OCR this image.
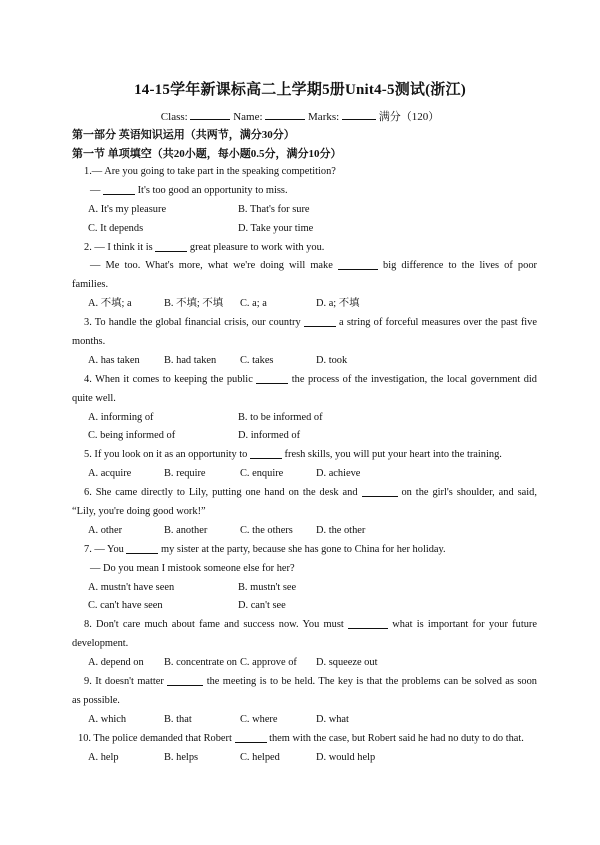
14-15学年新课标高二上学期5册Unit4-5测试(浙江)
Class:	Name:	Marks:	满分（120）
第一部分 英语知识运用（共两节，满分30分）
第一节 单项填空（共20小题，每小题0.5分，满分10分）
1.— Are you going to take part in the speaking competition?
—	It's too good an opportunity to miss.
A. It's my pleasure	B. That's for sure
C. It depends	D. Take your time
2. — I think it is	great pleasure to work with you.
— Me too. What's more, what we're doing will make	big difference to the lives of poor
families.
A. 不填; a	B. 不填; 不填 C. a; a	D. a; 不填
3. To handle the global financial crisis, our country	a string of forceful measures over the past five
months.
A. has taken B. had taken C. takes	D. took
4. When it comes to keeping the public	the process of the investigation, the local government did
quite well.
A. informing of	B. to be informed of
C. being informed of	D. informed of
5. If you look on it as an opportunity to	fresh skills, you will put your heart into the training.
A. acquire	B. require	C. enquire	D. achieve
6. She came directly to Lily, putting one hand on the desk and	on the girl's shoulder, and said,
“Lily, you're doing good work!”
A. other	B. another	C. the others D. the other
7. — You	my sister at the party, because she has gone to China for her holiday.
— Do you mean I mistook someone else for her?
A. mustn't have seen	B. mustn't see
C. can't have seen	D. can't see
8. Don't care much about fame and success now. You must	what is important for your future
development.
A. depend on B. concentrate on C. approve of D. squeeze out
9. It doesn't matter	the meeting is to be held. The key is that the problems can be solved as soon
as possible.
A. which	B. that	C. where	D. what
10. The police demanded that Robert	them with the case, but Robert said he had no duty to do that.
A. help	B. helps	C. helped	D. would help
